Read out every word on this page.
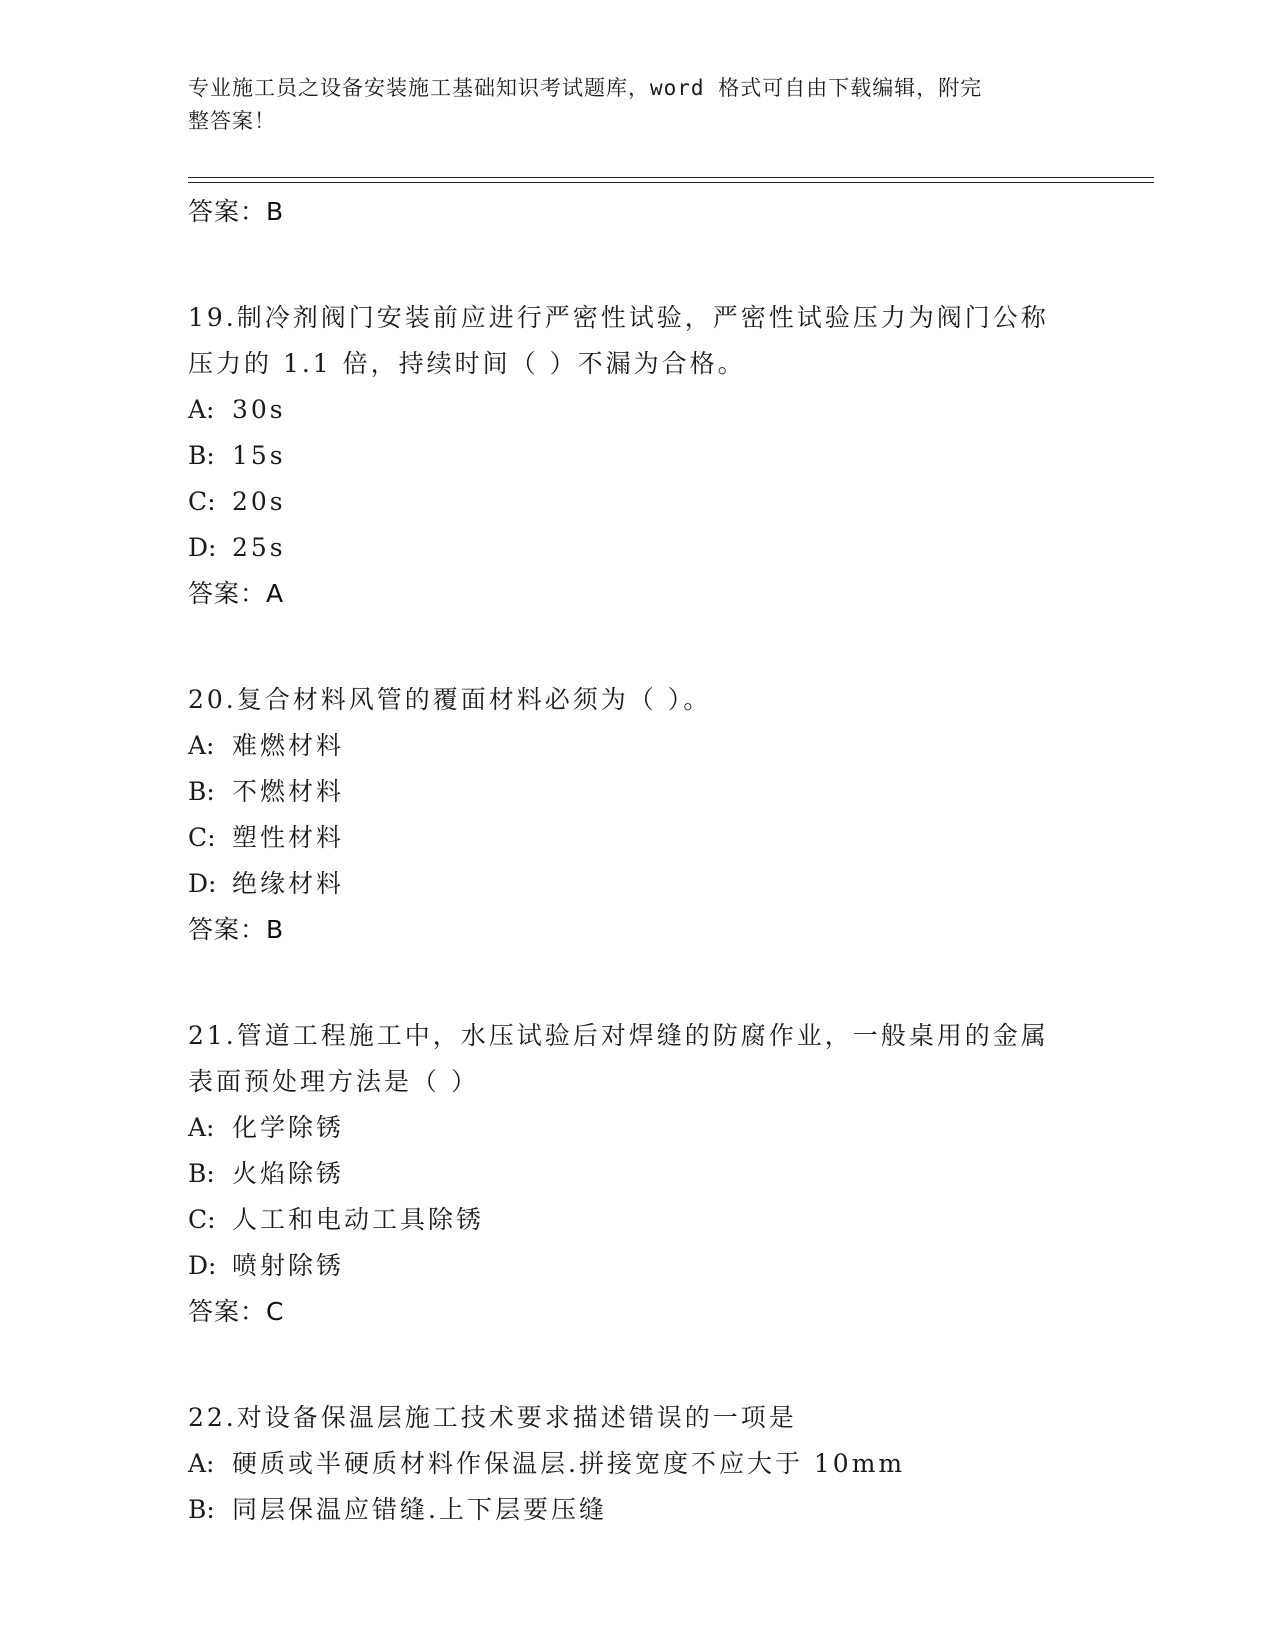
专业施工员之设备安装施工基础知识考试题库，word 格式可自由下载编辑，附完
整答案！
答案：B
19.制冷剂阀门安装前应进行严密性试验，严密性试验压力为阀门公称
压力的 1.1 倍，持续时间（ ）不漏为合格。
A: 30s
B: 15s
C: 20s
D: 25s
答案：A
20.复合材料风管的覆面材料必须为（ ）。
A: 难燃材料
B: 不燃材料
C: 塑性材料
D: 绝缘材料
答案：B
21.管道工程施工中，水压试验后对焊缝的防腐作业，一般桌用的金属
表面预处理方法是（ ）
A: 化学除锈
B: 火焰除锈
C: 人工和电动工具除锈
D: 喷射除锈
答案：C
22.对设备保温层施工技术要求描述错误的一项是
A: 硬质或半硬质材料作保温层.拼接宽度不应大于 10mm
B: 同层保温应错缝.上下层要压缝
